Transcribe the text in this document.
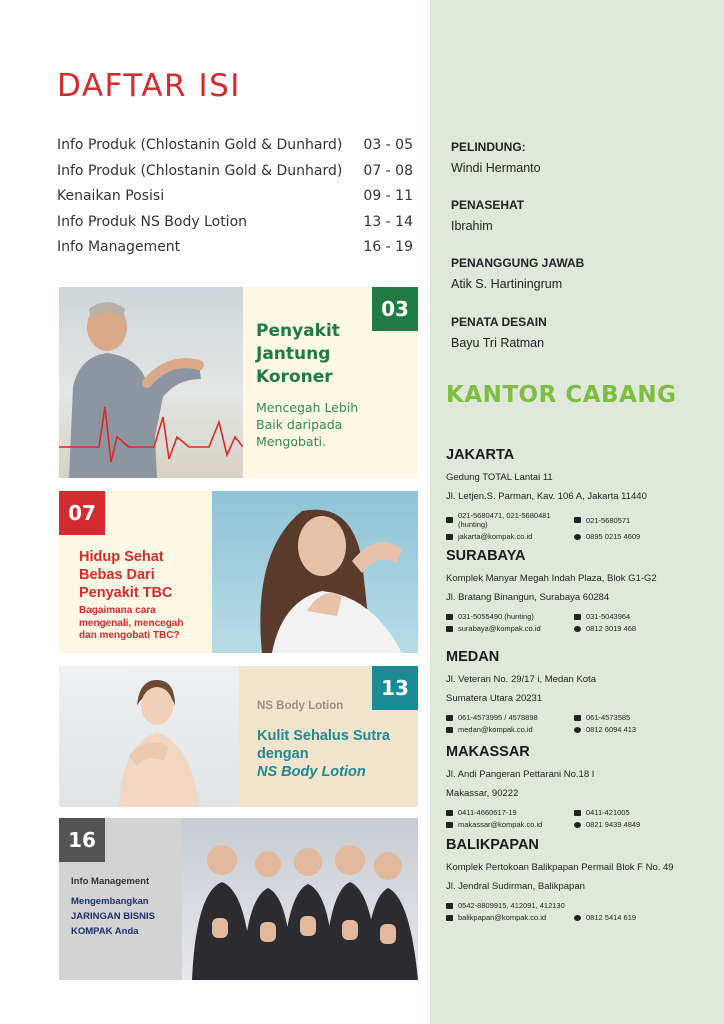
DAFTAR ISI
Info Produk (Chlostanin Gold & Dunhard) 03 - 05
Info Produk (Chlostanin Gold & Dunhard) 07 - 08
Kenaikan Posisi	09 - 11
Info Produk NS Body Lotion	13 - 14
Info Management	16 - 19
03
Penyakit Jantung Koroner
Mencegah Lebih Baik daripada Mengobati.
07
Hidup Sehat Bebas Dari Penyakit TBC
Bagaimana cara mengenali, mencegah dan mengobati TBC?
13
NS Body Lotion
Kulit Sehalus Sutra dengan
NS Body Lotion
16
Info Management
Mengembangkan JARINGAN BISNIS KOMPAK Anda
PELINDUNG:
Windi Hermanto
PENASEHAT
Ibrahim
PENANGGUNG JAWAB
Atik S. Hartiningrum
PENATA DESAIN
Bayu Tri Ratman
KANTOR CABANG
JAKARTA
Gedung TOTAL Lantai 11
Jl. Letjen.S. Parman, Kav. 106 A, Jakarta 11440
021-5680471, 021-5680481 (hunting)	021-5680571
jakarta@kompak.co.id	0895 0215 4609
SURABAYA
Komplek Manyar Megah Indah Plaza, Blok G1-G2
Jl. Bratang Binangun, Surabaya 60284
031-5055490 (hunting)	031-5043964
surabaya@kompak.co.id	0812 3019 468
MEDAN
Jl. Veteran No. 29/17 i, Medan Kota
Sumatera Utara 20231
061-4573995 / 4578898	061-4573585
medan@kompak.co.id	0812 6094 413
MAKASSAR
Jl. Andi Pangeran Pettarani No.18 I
Makassar, 90222
0411-4660617-19	0411-421005
makassar@kompak.co.id	0821 9439 4849
BALIKPAPAN
Komplek Pertokoan Balikpapan Permail Blok F No. 49
Jl. Jendral Sudirman, Balikpapan
0542-8809915, 412091, 412130
balikpapan@kompak.co.id	0812 5414 619
